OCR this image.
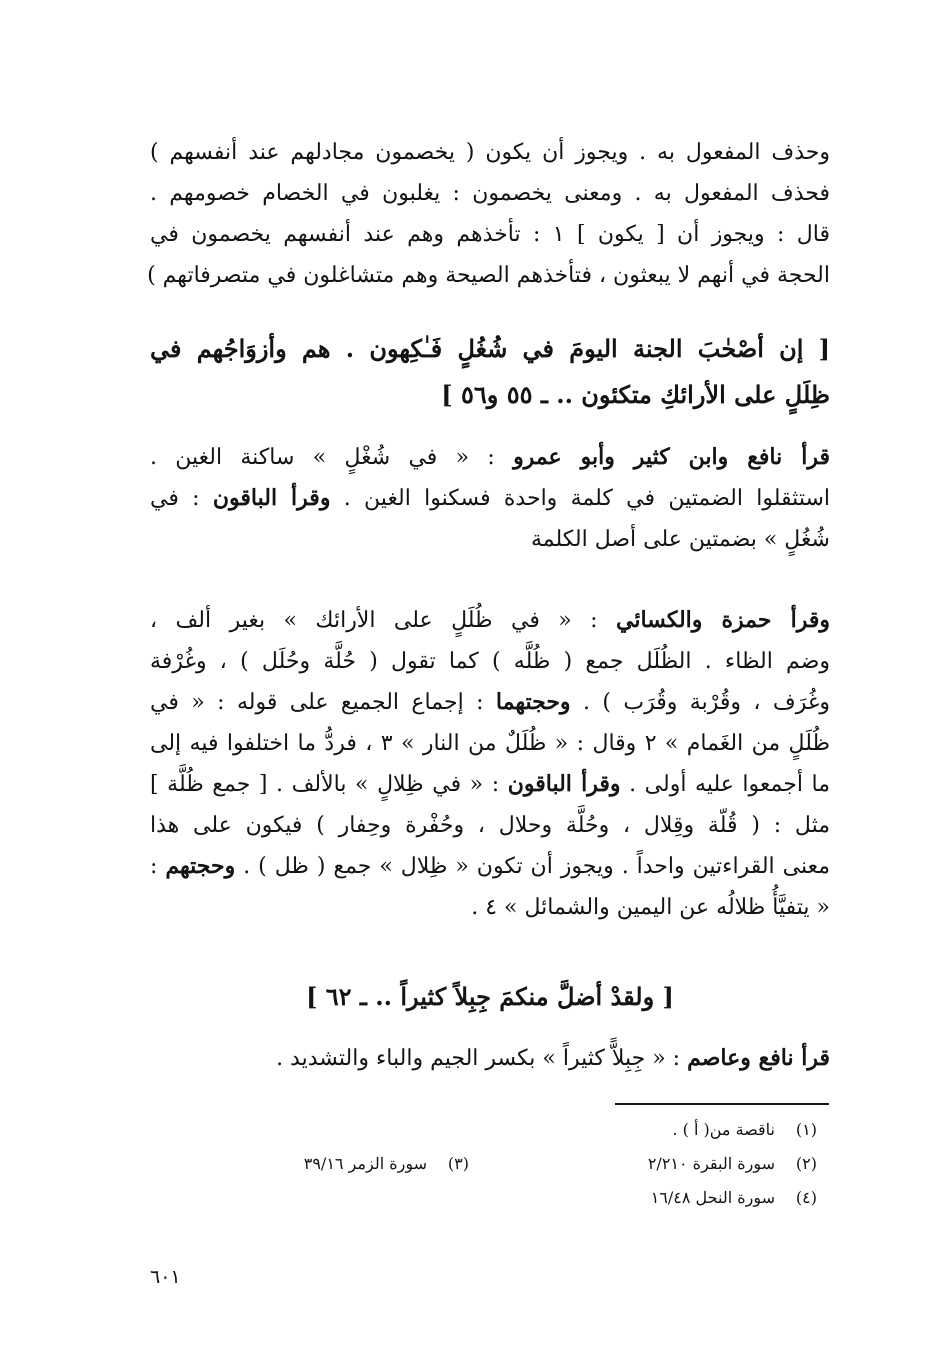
وحذف المفعول به . ويجوز أن يكون ( يخصمون مجادلهم عند أنفسهم )
فحذف المفعول به . ومعنى يخصمون : يغلبون في الخصام خصومهم .
قال : ويجوز أن [ يكون ] ١ : تأخذهم وهم عند أنفسهم يخصمون في
الحجة في أنهم لا يبعثون ، فتأخذهم الصيحة وهم متشاغلون في متصرفاتهم )
[ إن أصْحٰبَ الجنة اليومَ في شُغُلٍ فَـٰكِهون . هم وأزوَاجُهم في
ظِلَلٍ على الأرائكِ متكئون .. ـ ٥٥ و٥٦ ]
قرأ نافع وابن كثير وأبو عمرو : « في شُغْلٍ » ساكنة الغين .
استثقلوا الضمتين في كلمة واحدة فسكنوا الغين . وقرأ الباقون : في
شُغُلٍ » بضمتين على أصل الكلمة
وقرأ حمزة والكسائي : « في ظُلَلٍ على الأرائك » بغير ألف ،
وضم الظاء . الظُلَل جمع ( ظُلَّه ) كما تقول ( حُلَّة وحُلَل ) ، وغُرْفة
وغُرَف ، وقُرْبة وقُرَب ) . وحجتهما : إجماع الجميع على قوله : « في
ظُلَلٍ من الغَمام » ٢ وقال : « ظُلَلٌ من النار » ٣ ، فردُّ ما اختلفوا فيه إلى
ما أجمعوا عليه أولى . وقرأ الباقون : « في ظِلالٍ » بالألف . [ جمع ظُلَّة ]
مثل : ( قُلّة وقِلال ، وحُلَّة وحلال ، وحُفْرة وحِفار ) فيكون على هذا
معنى القراءتين واحداً . ويجوز أن تكون « ظِلال » جمع ( ظل ) . وحجتهم :
« يتفيَّأُ ظلالُه عن اليمين والشمائل » ٤ .
[ ولقدْ أضلَّ منكمَ جِبِلاً كثيراً .. ـ ٦٢ ]
قرأ نافع وعاصم : « جِبِلاًّ كثيراً » بكسر الجيم والباء والتشديد .
(١)ناقصة من( أ ) .
(٢)سورة البقرة ٢/٢١٠
(٣)سورة الزمر ٣٩/١٦
(٤)سورة النحل ١٦/٤٨
٦٠١
